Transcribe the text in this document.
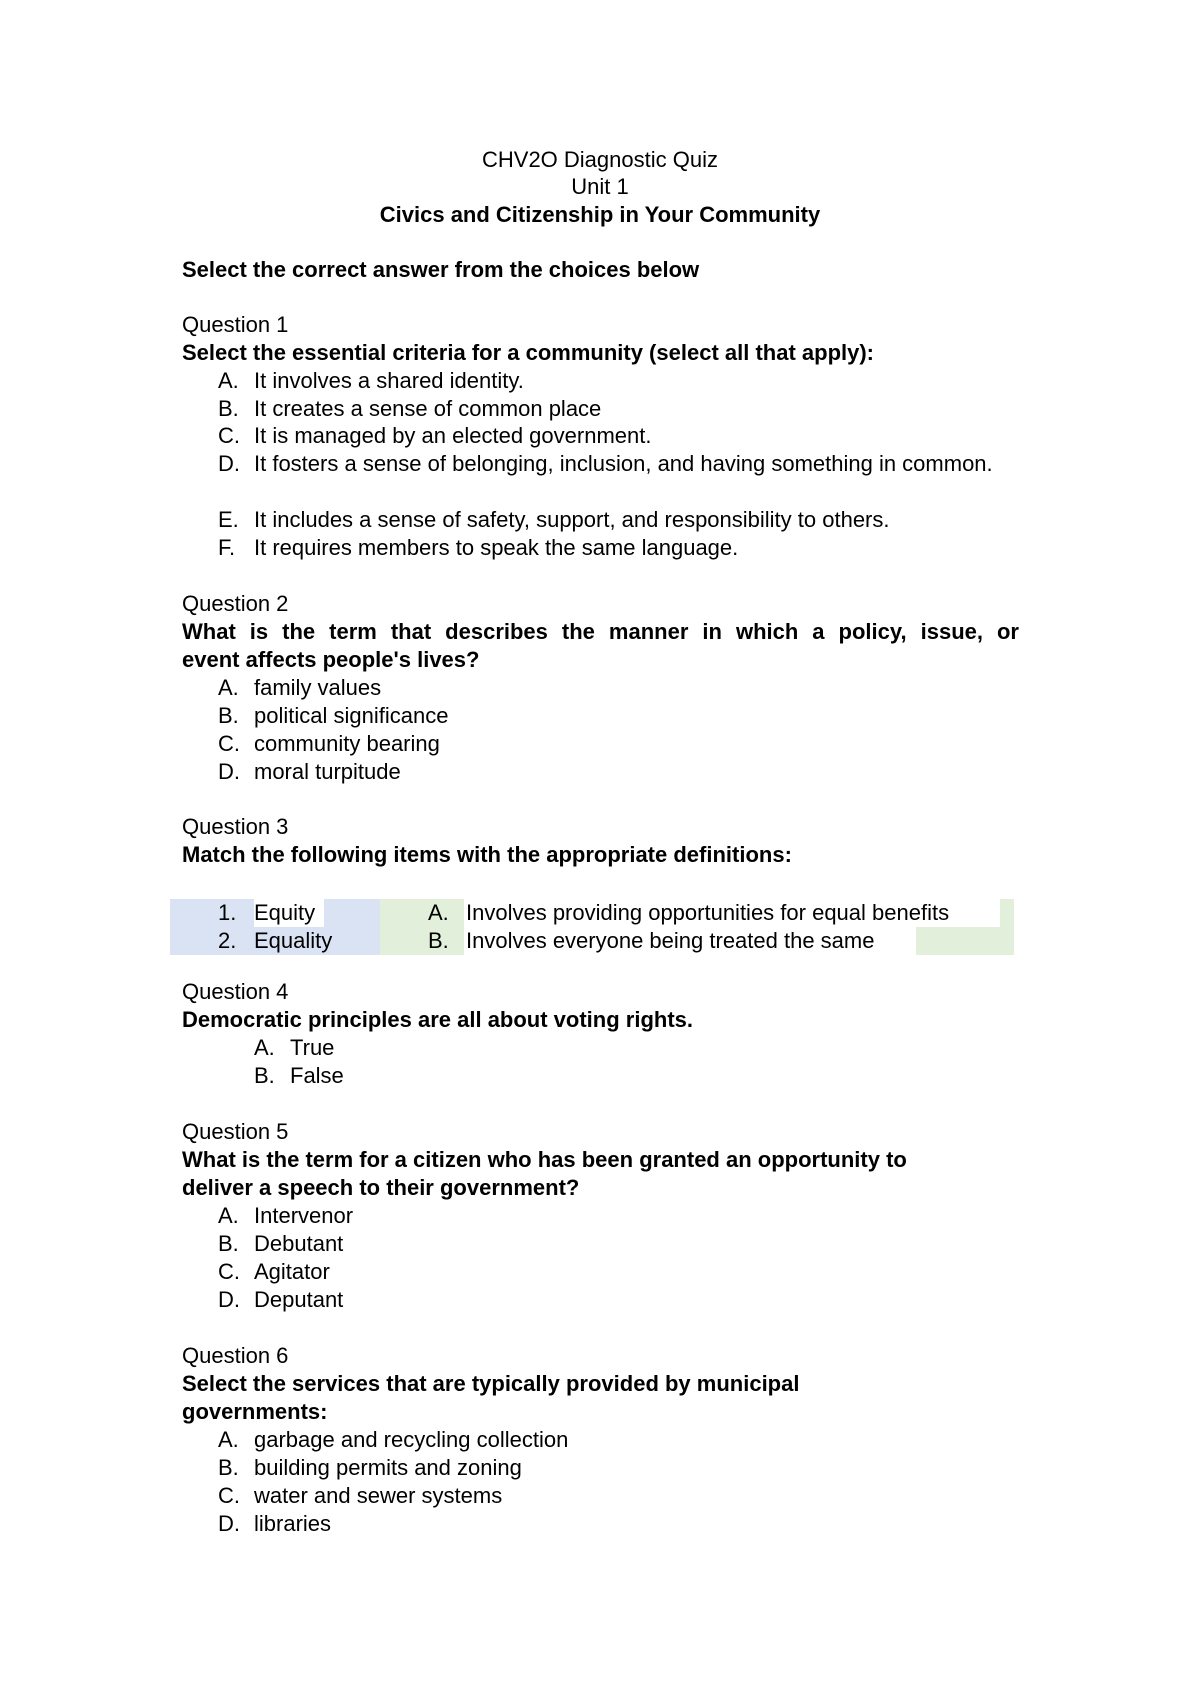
CHV2O Diagnostic Quiz
Unit 1
Civics and Citizenship in Your Community
Select the correct answer from the choices below
Question 1
Select the essential criteria for a community (select all that apply):
A. It involves a shared identity.
B. It creates a sense of common place
C. It is managed by an elected government.
D. It fosters a sense of belonging, inclusion, and having something in common.
E. It includes a sense of safety, support, and responsibility to others.
F. It requires members to speak the same language.
Question 2
What is the term that describes the manner in which a policy, issue, or
event affects people's lives?
A. family values
B. political significance
C. community bearing
D. moral turpitude
Question 3
Match the following items with the appropriate definitions:
1. Equity
2. Equality
A. Involves providing opportunities for equal benefits
B. Involves everyone being treated the same
Question 4
Democratic principles are all about voting rights.
A. True
B. False
Question 5
What is the term for a citizen who has been granted an opportunity to
deliver a speech to their government?
A. Intervenor
B. Debutant
C. Agitator
D. Deputant
Question 6
Select the services that are typically provided by municipal
governments:
A. garbage and recycling collection
B. building permits and zoning
C. water and sewer systems
D. libraries
